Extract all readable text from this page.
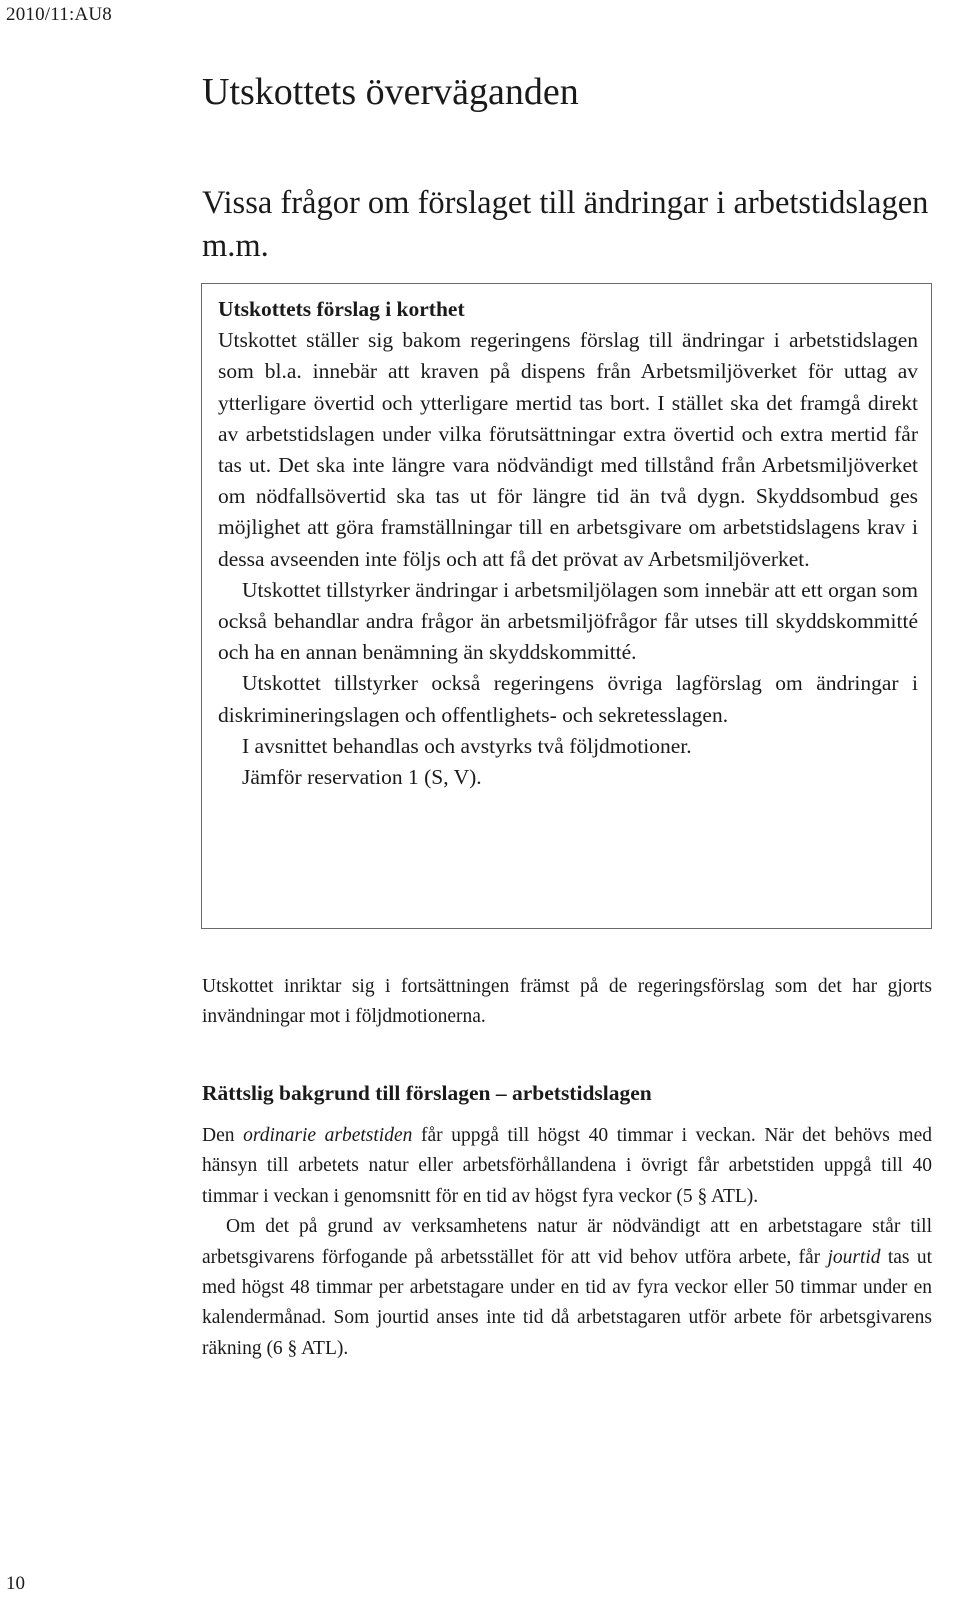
2010/11:AU8
Utskottets överväganden
Vissa frågor om förslaget till ändringar i arbetstidslagen m.m.

Utskottets förslag i korthet

Utskottet ställer sig bakom regeringens förslag till ändringar i arbetstidslagen som bl.a. innebär att kraven på dispens från Arbetsmiljöverket för uttag av ytterligare övertid och ytterligare mertid tas bort. I stället ska det framgå direkt av arbetstidslagen under vilka förutsättningar extra övertid och extra mertid får tas ut. Det ska inte längre vara nödvändigt med tillstånd från Arbetsmiljöverket om nödfallsövertid ska tas ut för längre tid än två dygn. Skyddsombud ges möjlighet att göra framställningar till en arbetsgivare om arbetstidslagens krav i dessa avseenden inte följs och att få det prövat av Arbetsmiljöverket.

Utskottet tillstyrker ändringar i arbetsmiljölagen som innebär att ett organ som också behandlar andra frågor än arbetsmiljöfrågor får utses till skyddskommitté och ha en annan benämning än skyddskommitté.

Utskottet tillstyrker också regeringens övriga lagförslag om ändringar i diskrimineringslagen och offentlighets- och sekretesslagen.

I avsnittet behandlas och avstyrks två följdmotioner.

Jämför reservation 1 (S, V).

Utskottet inriktar sig i fortsättningen främst på de regeringsförslag som det har gjorts invändningar mot i följdmotionerna.

Rättslig bakgrund till förslagen – arbetstidslagen

Den ordinarie arbetstiden får uppgå till högst 40 timmar i veckan. När det behövs med hänsyn till arbetets natur eller arbetsförhållandena i övrigt får arbetstiden uppgå till 40 timmar i veckan i genomsnitt för en tid av högst fyra veckor (5 § ATL).

Om det på grund av verksamhetens natur är nödvändigt att en arbetstagare står till arbetsgivarens förfogande på arbetsstället för att vid behov utföra arbete, får jourtid tas ut med högst 48 timmar per arbetstagare under en tid av fyra veckor eller 50 timmar under en kalendermånad. Som jourtid anses inte tid då arbetstagaren utför arbete för arbetsgivarens räkning (6 § ATL).

10
